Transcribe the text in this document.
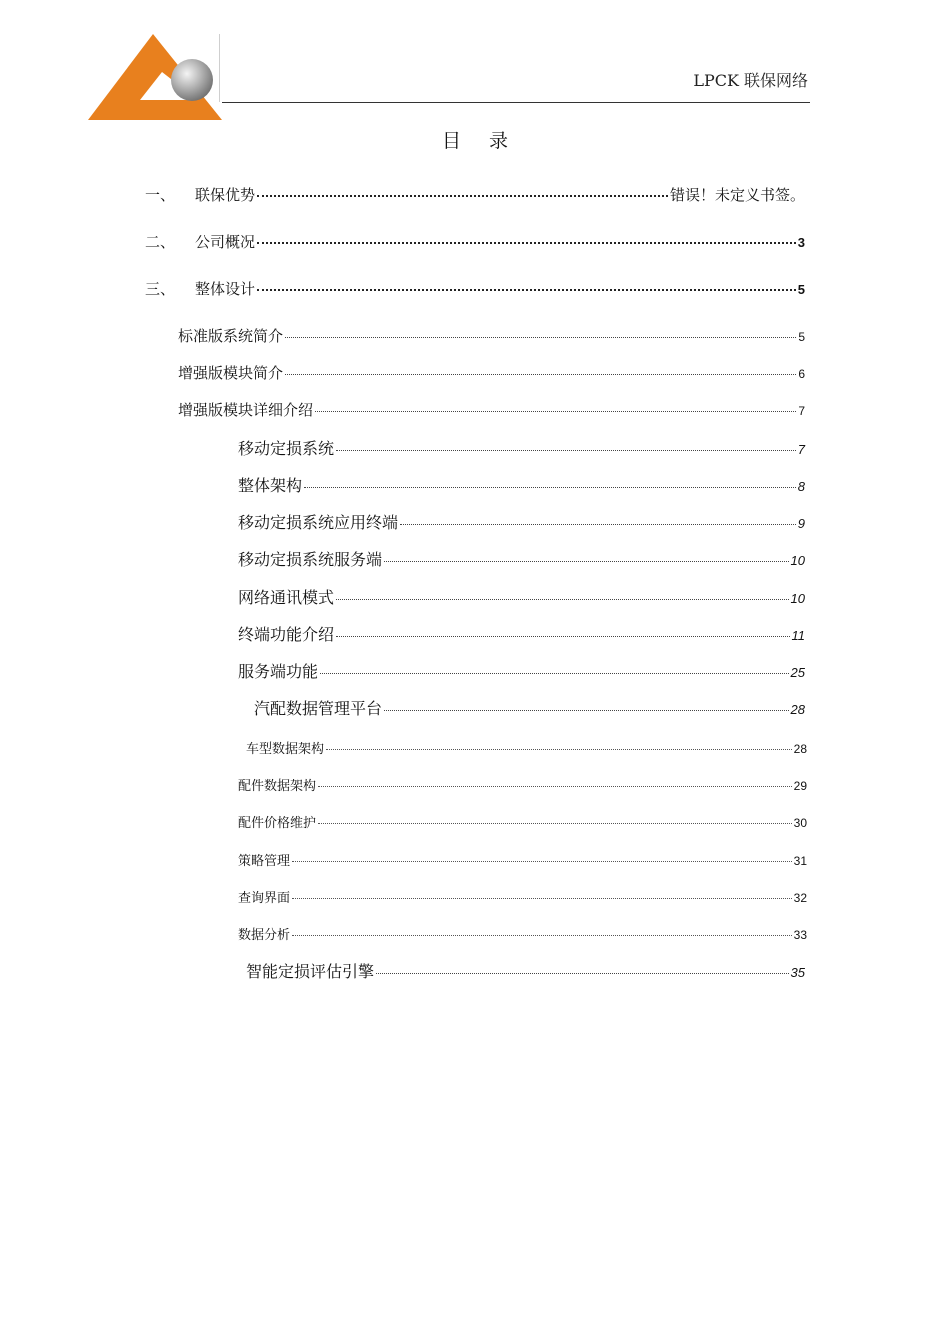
LPCK 联保网络
目录
一、	联保优势	错误！未定义书签。
二、	公司概况	3
三、	整体设计	5
标准版系统简介	5
增强版模块简介	6
增强版模块详细介绍	7
移动定损系统	7
整体架构	8
移动定损系统应用终端	9
移动定损系统服务端	10
网络通讯模式	10
终端功能介绍	11
服务端功能	25
汽配数据管理平台	28
车型数据架构	28
配件数据架构	29
配件价格维护	30
策略管理	31
查询界面	32
数据分析	33
智能定损评估引擎	35
